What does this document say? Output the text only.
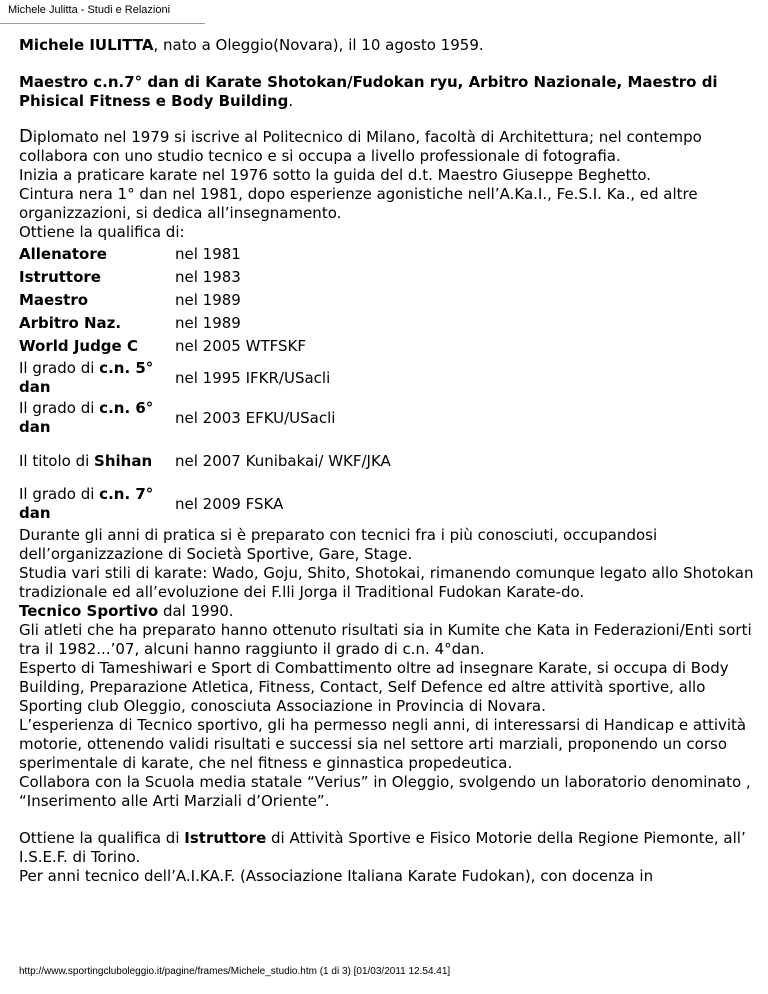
Michele Julitta - Studi e Relazioni

Michele IULITTA, nato a Oleggio(Novara), il 10 agosto 1959.

Maestro c.n.7° dan di Karate Shotokan/Fudokan ryu, Arbitro Nazionale, Maestro di Phisical Fitness e Body Building.

Diplomato nel 1979 si iscrive al Politecnico di Milano, facoltà di Architettura; nel contempo collabora con uno studio tecnico e si occupa a livello professionale di fotografia.

Inizia a praticare karate nel 1976 sotto la guida del d.t. Maestro Giuseppe Beghetto.

Cintura nera 1° dan nel 1981, dopo esperienze agonistiche nell’A.Ka.I., Fe.S.I. Ka., ed altre organizzazioni, si dedica all’insegnamento.

Ottiene la qualifica di:

Allenatore	nel 1981
Istruttore	nel 1983
Maestro	nel 1989
Arbitro Naz.	nel 1989
World Judge C	nel 2005 WTFSKF
Il grado di c.n. 5° dan	nel 1995 IFKR/USacli
Il grado di c.n. 6° dan	nel 2003 EFKU/USacli
Il titolo di Shihan	nel 2007 Kunibakai/ WKF/JKA
Il grado di c.n. 7° dan	nel 2009 FSKA

Durante gli anni di pratica si è preparato con tecnici fra i più conosciuti, occupandosi dell’organizzazione di Società Sportive, Gare, Stage.

Studia vari stili di karate: Wado, Goju, Shito, Shotokai, rimanendo comunque legato allo Shotokan tradizionale ed all’evoluzione dei F.lli Jorga il Traditional Fudokan Karate-do.

Tecnico Sportivo dal 1990.

Gli atleti che ha preparato hanno ottenuto risultati sia in Kumite che Kata in Federazioni/Enti sorti tra il 1982...’07, alcuni hanno raggiunto il grado di c.n. 4°dan.

Esperto di Tameshiwari e Sport di Combattimento oltre ad insegnare Karate, si occupa di Body Building, Preparazione Atletica, Fitness, Contact, Self Defence ed altre attività sportive, allo Sporting club Oleggio, conosciuta Associazione in Provincia di Novara.

L’esperienza di Tecnico sportivo, gli ha permesso negli anni, di interessarsi di Handicap e attività motorie, ottenendo validi risultati e successi sia nel settore arti marziali, proponendo un corso sperimentale di karate, che nel fitness e ginnastica propedeutica.

Collabora con la Scuola media statale “Verius” in Oleggio, svolgendo un laboratorio denominato , “Inserimento alle Arti Marziali d’Oriente”.

Ottiene la qualifica di Istruttore di Attività Sportive e Fisico Motorie della Regione Piemonte, all’ I.S.E.F. di Torino.

Per anni tecnico dell’A.I.KA.F. (Associazione Italiana Karate Fudokan), con docenza in

http://www.sportingcluboleggio.it/pagine/frames/Michele_studio.htm (1 di 3) [01/03/2011 12.54.41]
